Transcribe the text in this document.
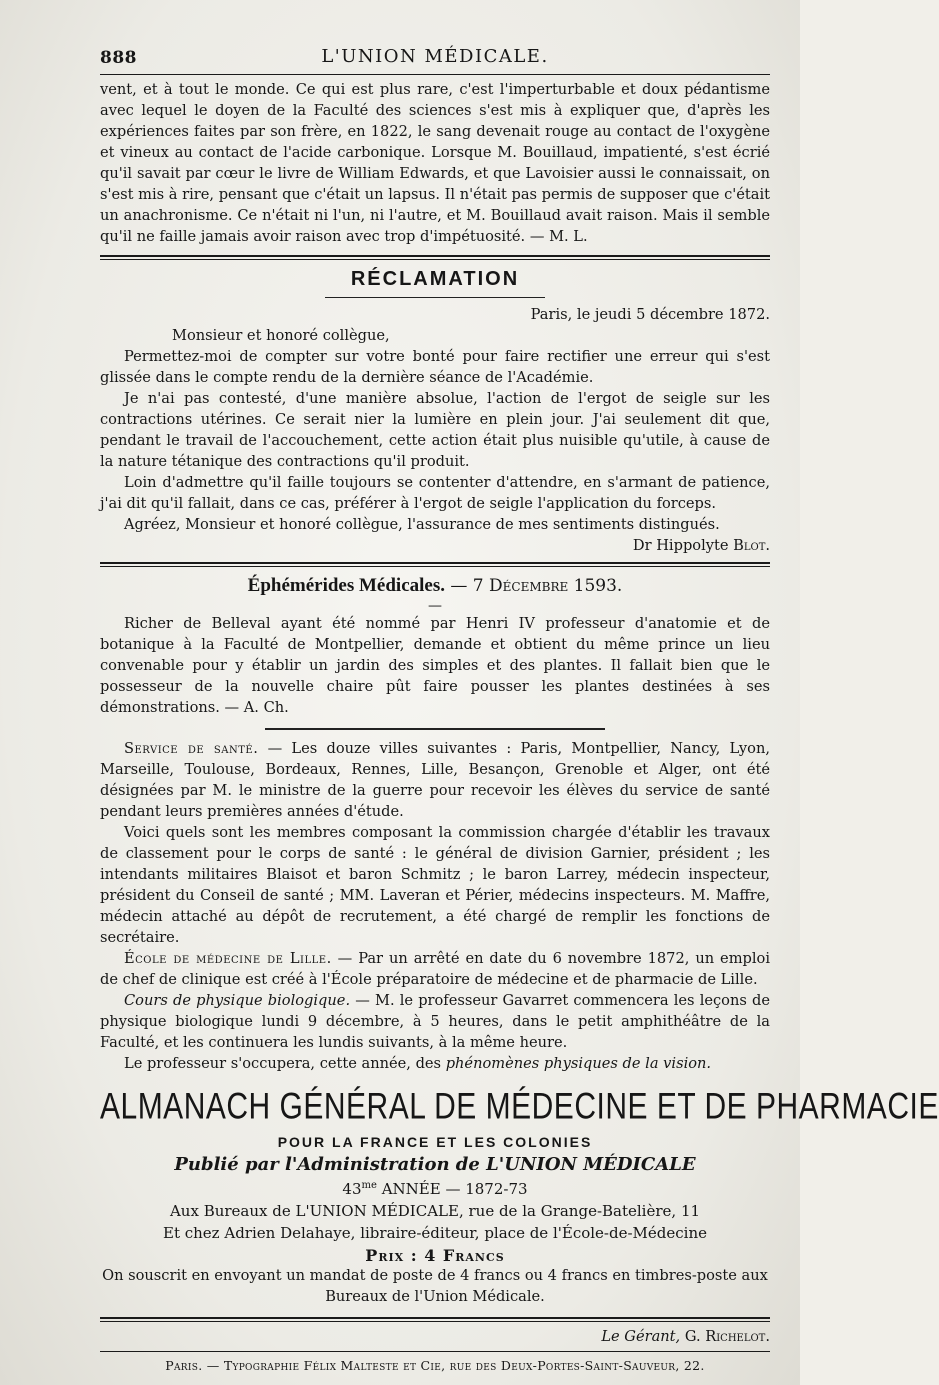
888	L'UNION MÉDICALE.

vent, et à tout le monde. Ce qui est plus rare, c'est l'imperturbable et doux pédantisme avec lequel le doyen de la Faculté des sciences s'est mis à expliquer que, d'après les expériences faites par son frère, en 1822, le sang devenait rouge au contact de l'oxygène et vineux au contact de l'acide carbonique. Lorsque M. Bouillaud, impatienté, s'est écrié qu'il savait par cœur le livre de William Edwards, et que Lavoisier aussi le connaissait, on s'est mis à rire, pensant que c'était un lapsus. Il n'était pas permis de supposer que c'était un anachronisme. Ce n'était ni l'un, ni l'autre, et M. Bouillaud avait raison. Mais il semble qu'il ne faille jamais avoir raison avec trop d'impétuosité. — M. L.

RÉCLAMATION
Paris, le jeudi 5 décembre 1872.

Monsieur et honoré collègue,

Permettez-moi de compter sur votre bonté pour faire rectifier une erreur qui s'est glissée dans le compte rendu de la dernière séance de l'Académie.

Je n'ai pas contesté, d'une manière absolue, l'action de l'ergot de seigle sur les contractions utérines. Ce serait nier la lumière en plein jour. J'ai seulement dit que, pendant le travail de l'accouchement, cette action était plus nuisible qu'utile, à cause de la nature tétanique des contractions qu'il produit.

Loin d'admettre qu'il faille toujours se contenter d'attendre, en s'armant de patience, j'ai dit qu'il fallait, dans ce cas, préférer à l'ergot de seigle l'application du forceps.

Agréez, Monsieur et honoré collègue, l'assurance de mes sentiments distingués.

Dr Hippolyte Blot.
Éphémérides Médicales. — 7 Décembre 1593.
—

Richer de Belleval ayant été nommé par Henri IV professeur d'anatomie et de botanique à la Faculté de Montpellier, demande et obtient du même prince un lieu convenable pour y établir un jardin des simples et des plantes. Il fallait bien que le possesseur de la nouvelle chaire pût faire pousser les plantes destinées à ses démonstrations. — A. Ch.

Service de santé. — Les douze villes suivantes : Paris, Montpellier, Nancy, Lyon, Marseille, Toulouse, Bordeaux, Rennes, Lille, Besançon, Grenoble et Alger, ont été désignées par M. le ministre de la guerre pour recevoir les élèves du service de santé pendant leurs premières années d'étude.

Voici quels sont les membres composant la commission chargée d'établir les travaux de classement pour le corps de santé : le général de division Garnier, président ; les intendants militaires Blaisot et baron Schmitz ; le baron Larrey, médecin inspecteur, président du Conseil de santé ; MM. Laveran et Périer, médecins inspecteurs. M. Maffre, médecin attaché au dépôt de recrutement, a été chargé de remplir les fonctions de secrétaire.

École de médecine de Lille. — Par un arrêté en date du 6 novembre 1872, un emploi de chef de clinique est créé à l'École préparatoire de médecine et de pharmacie de Lille.

Cours de physique biologique. — M. le professeur Gavarret commencera les leçons de physique biologique lundi 9 décembre, à 5 heures, dans le petit amphithéâtre de la Faculté, et les continuera les lundis suivants, à la même heure.

Le professeur s'occupera, cette année, des phénomènes physiques de la vision.

ALMANACH GÉNÉRAL DE MÉDECINE ET DE PHARMACIE
POUR LA FRANCE ET LES COLONIES
Publié par l'Administration de L'UNION MÉDICALE
$43^{me}$ ANNÉE — 1872-73
Aux Bureaux de L'UNION MÉDICALE, rue de la Grange-Batelière, 11
Et chez Adrien Delahaye, libraire-éditeur, place de l'École-de-Médecine
Prix : 4 Francs

On souscrit en envoyant un mandat de poste de 4 francs ou 4 francs en timbres-poste aux Bureaux de l'Union Médicale.

Le Gérant, G. Richelot.
Paris. — Typographie Félix Malteste et Cie, rue des Deux-Portes-Saint-Sauveur, 22.
